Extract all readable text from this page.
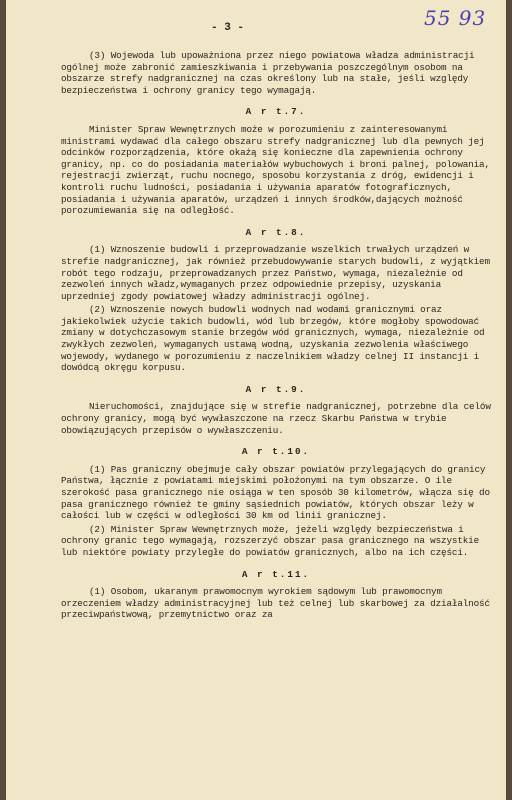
55 93
- 3 -
(3) Wojewoda lub upoważniona przez niego powiatowa władza administracji ogólnej może zabronić zamieszkiwania i przebywania poszczególnym osobom na obszarze strefy nadgranicznej na czas określony lub na stałe, jeśli względy bezpieczeństwa i ochrony granicy tego wymagają.
A r t.7.
Minister Spraw Wewnętrznych może w porozumieniu z zainteresowanymi ministrami wydawać dla całego obszaru strefy nadgranicznej lub dla pewnych jej odcinków rozporządzenia, które okażą się konieczne dla zapewnienia ochrony granicy, np. co do posiadania materiałów wybuchowych i broni palnej, polowania, rejestracji zwierząt, ruchu nocnego, sposobu korzystania z dróg, ewidencji i kontroli ruchu ludności, posiadania i używania aparatów fotograficznych, posiadania i używania aparatów, urządzeń i innych środków,dających możność porozumiewania się na odległość.
A r t.8.
(1) Wznoszenie budowli i przeprowadzanie wszelkich trwałych urządzeń w strefie nadgranicznej, jak również przebudowywanie starych budowli, z wyjątkiem robót tego rodzaju, przeprowadzanych przez Państwo, wymaga, niezależnie od zezwoleń innych władz,wymaganych przez odpowiednie przepisy, uzyskania uprzedniej zgody powiatowej władzy administracji ogólnej.
(2) Wznoszenie nowych budowli wodnych nad wodami granicznymi oraz jakiekolwiek użycie takich budowli, wód lub brzegów, które mogłoby spowodować zmiany w dotychczasowym stanie brzegów wód granicznych, wymaga, niezależnie od zwykłych zezwoleń, wymaganych ustawą wodną, uzyskania zezwolenia właściwego wojewody, wydanego w porozumieniu z naczelnikiem władzy celnej II instancji i dowódcą okręgu korpusu.
A r t.9.
Nieruchomości, znajdujące się w strefie nadgranicznej, potrzebne dla celów ochrony granicy, mogą być wywłaszczone na rzecz Skarbu Państwa w trybie obowiązujących przepisów o wywłaszczeniu.
A r t.10.
(1) Pas graniczny obejmuje cały obszar powiatów przylegających do granicy Państwa, łącznie z powiatami miejskimi położonymi na tym obszarze. O ile szerokość pasa granicznego nie osiąga w ten sposób 30 kilometrów, włącza się do pasa granicznego również te gminy sąsiednich powiatów, których obszar leży w całości lub w części w odległości 30 km od linii granicznej.
(2) Minister Spraw Wewnętrznych może, jeżeli względy bezpieczeństwa i ochrony granic tego wymagają, rozszerzyć obszar pasa granicznego na wszystkie lub niektóre powiaty przyległe do powiatów granicznych, albo na ich części.
A r t.11.
(1) Osobom, ukaranym prawomocnym wyrokiem sądowym lub prawomocnym orzeczeniem władzy administracyjnej lub też celnej lub skarbowej za działalność przeciwpaństwową, przemytnictwo oraz za
